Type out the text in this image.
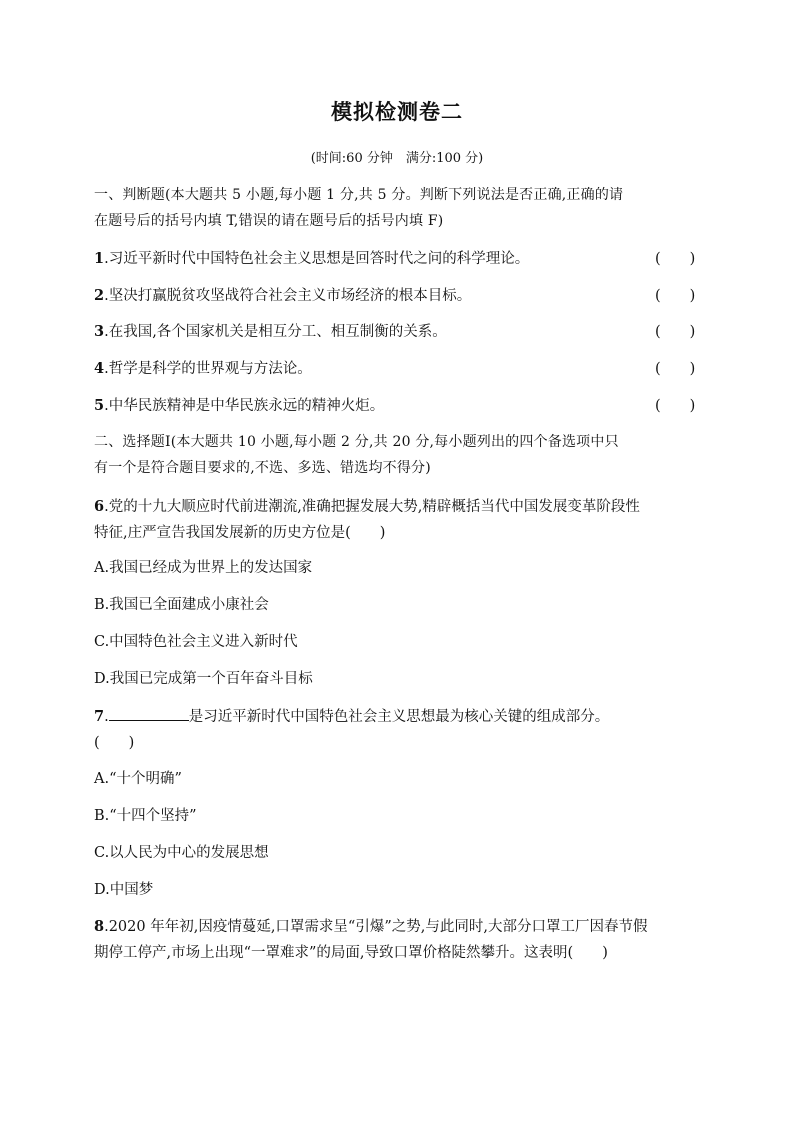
模拟检测卷二
(时间:60 分钟　满分:100 分)
一、判断题(本大题共 5 小题,每小题 1 分,共 5 分。判断下列说法是否正确,正确的请
在题号后的括号内填 T,错误的请在题号后的括号内填 F)
1.习近平新时代中国特色社会主义思想是回答时代之问的科学理论。	(　　)
2.坚决打赢脱贫攻坚战符合社会主义市场经济的根本目标。	(　　)
3.在我国,各个国家机关是相互分工、相互制衡的关系。	(　　)
4.哲学是科学的世界观与方法论。	(　　)
5.中华民族精神是中华民族永远的精神火炬。	(　　)
二、选择题Ⅰ(本大题共 10 小题,每小题 2 分,共 20 分,每小题列出的四个备选项中只
有一个是符合题目要求的,不选、多选、错选均不得分)
6.党的十九大顺应时代前进潮流,准确把握发展大势,精辟概括当代中国发展变革阶段性
特征,庄严宣告我国发展新的历史方位是(　　)
A.我国已经成为世界上的发达国家
B.我国已全面建成小康社会
C.中国特色社会主义进入新时代
D.我国已完成第一个百年奋斗目标
7.	是习近平新时代中国特色社会主义思想最为核心关键的组成部分。
(　　)
A.“十个明确”
B.“十四个坚持”
C.以人民为中心的发展思想
D.中国梦
8.2020 年年初,因疫情蔓延,口罩需求呈“引爆”之势,与此同时,大部分口罩工厂因春节假
期停工停产,市场上出现“一罩难求”的局面,导致口罩价格陡然攀升。这表明(　　)
